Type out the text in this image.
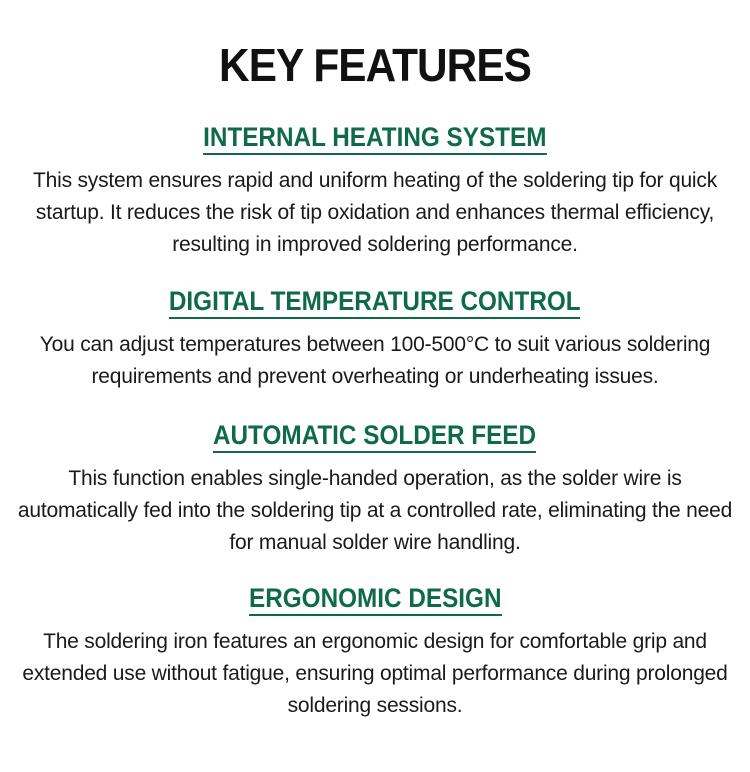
KEY FEATURES
INTERNAL HEATING SYSTEM

This system ensures rapid and uniform heating of the soldering tip for quick startup. It reduces the risk of tip oxidation and enhances thermal efficiency, resulting in improved soldering performance.

DIGITAL TEMPERATURE CONTROL

You can adjust temperatures between 100-500°C to suit various soldering requirements and prevent overheating or underheating issues.

AUTOMATIC SOLDER FEED

This function enables single-handed operation, as the solder wire is automatically fed into the soldering tip at a controlled rate, eliminating the need for manual solder wire handling.

ERGONOMIC DESIGN

The soldering iron features an ergonomic design for comfortable grip and extended use without fatigue, ensuring optimal performance during prolonged soldering sessions.
